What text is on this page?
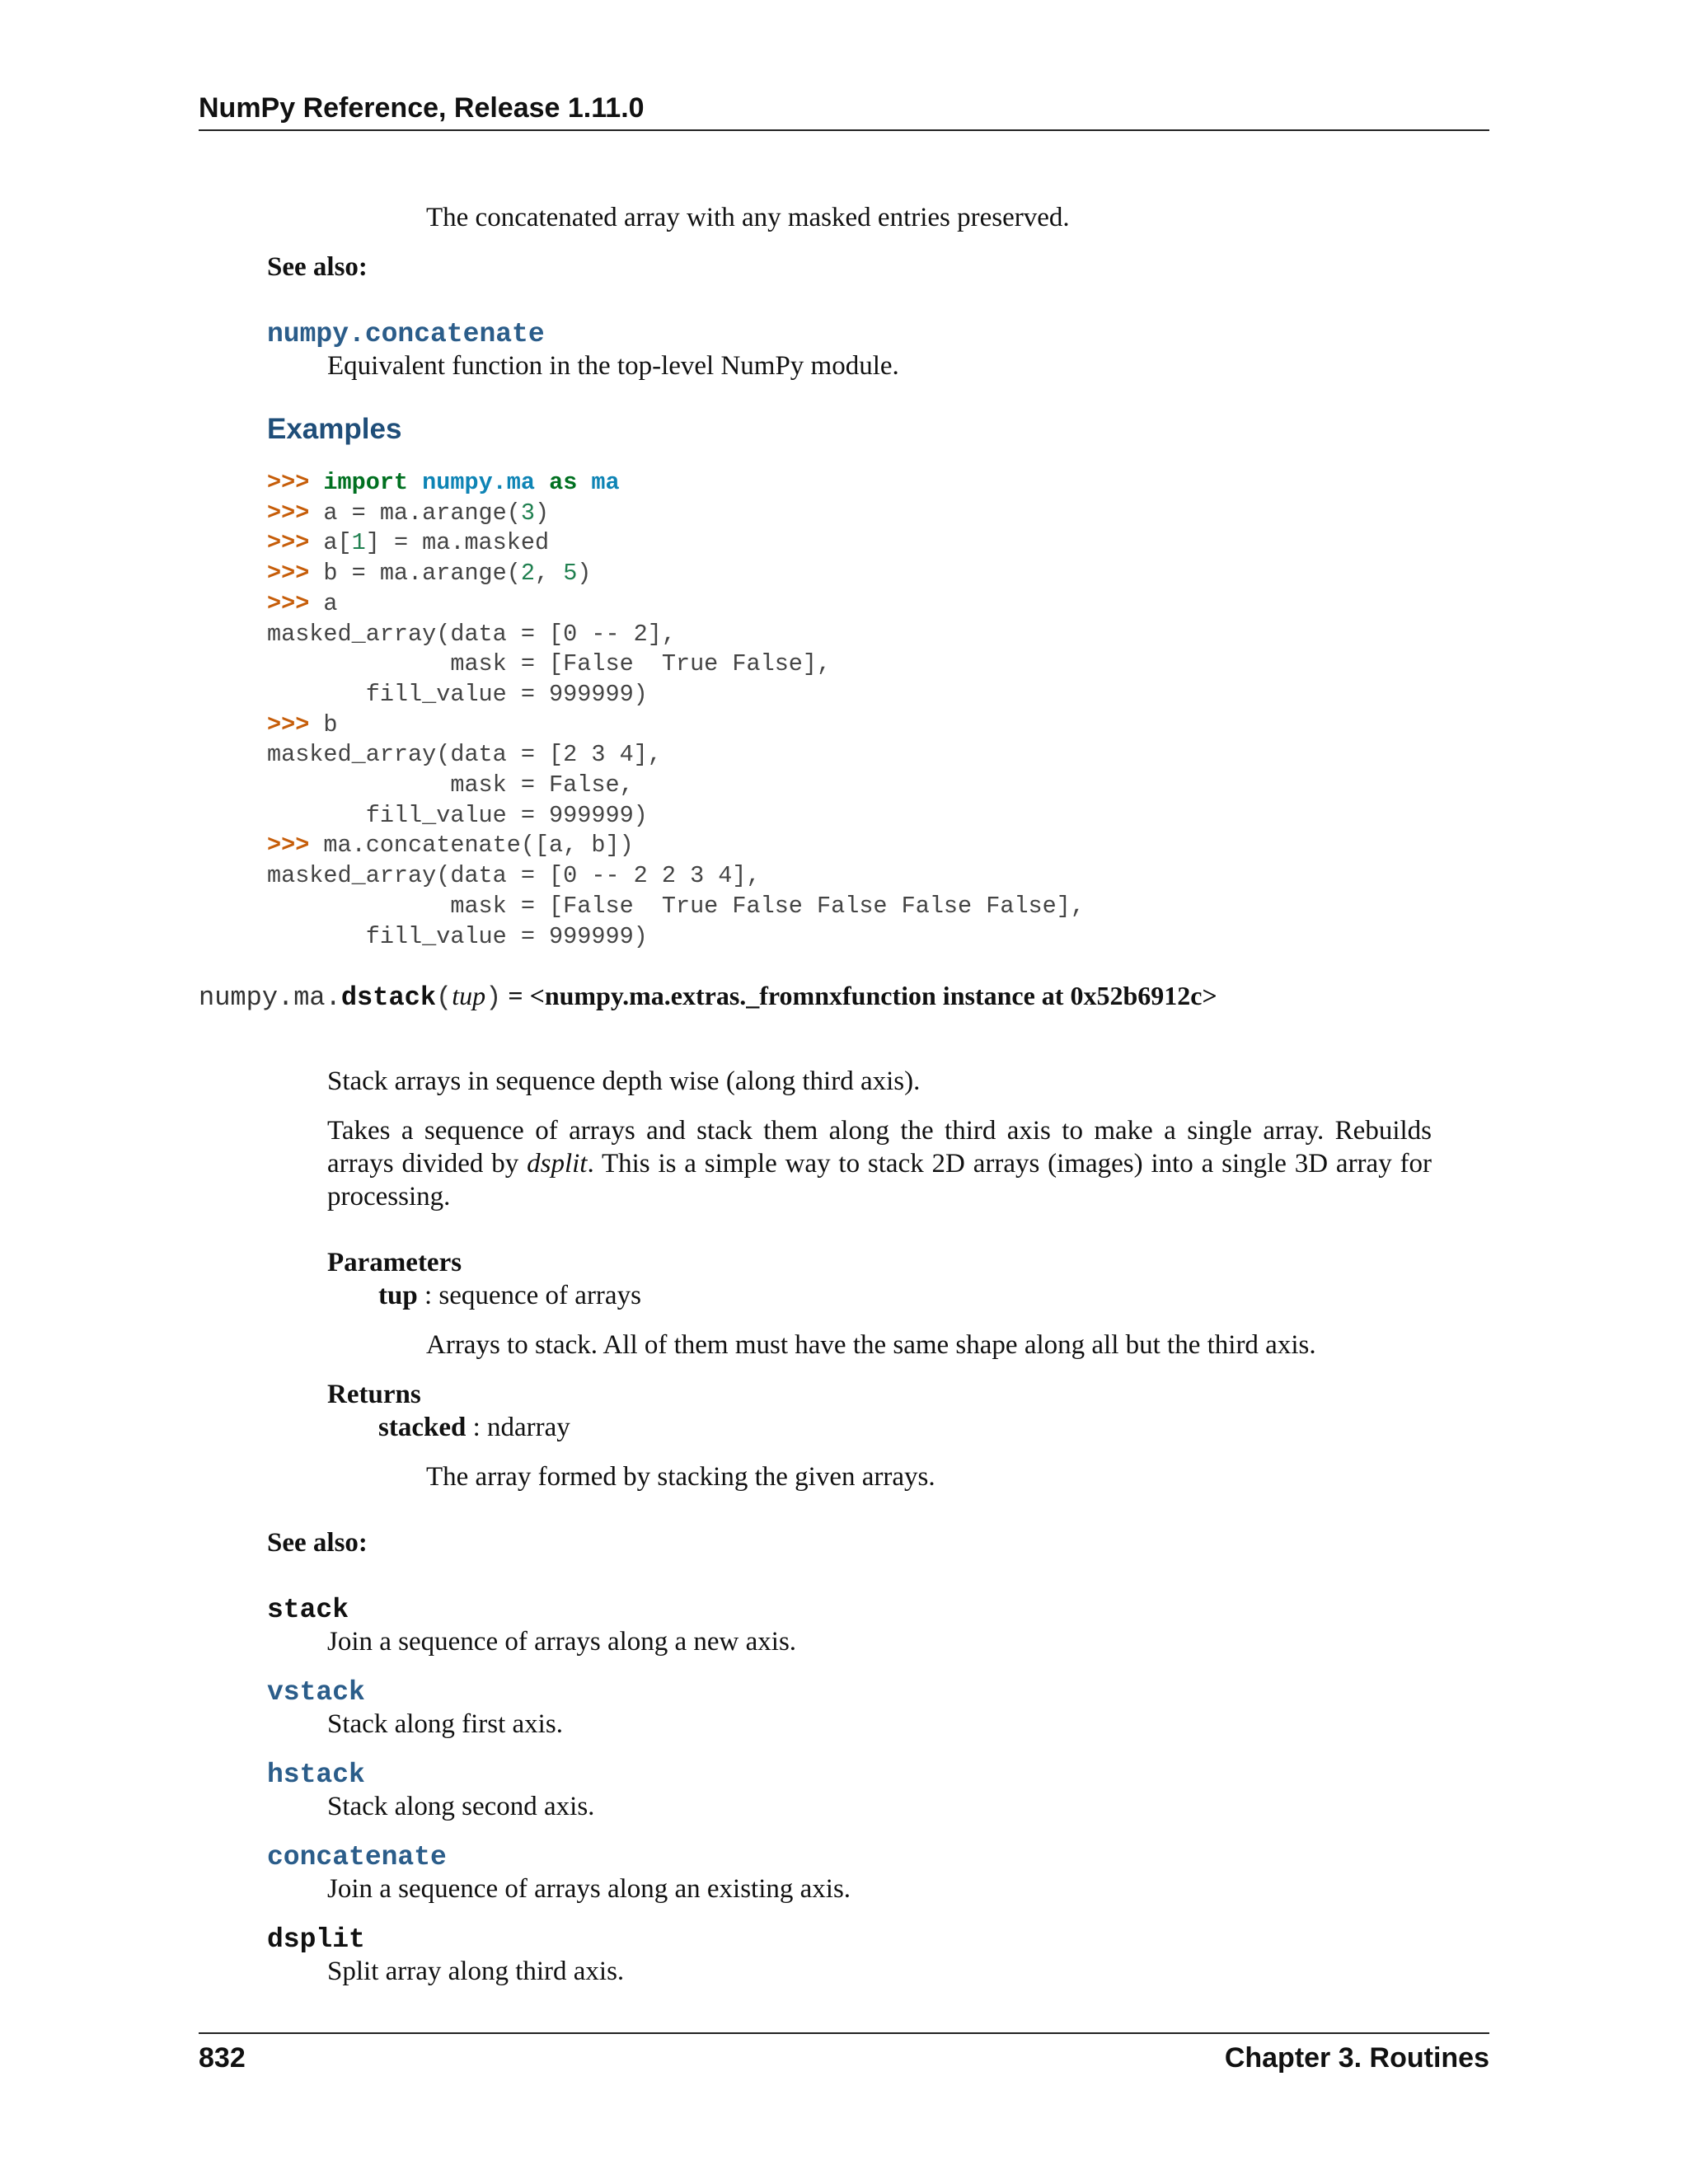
NumPy Reference, Release 1.11.0
The concatenated array with any masked entries preserved.
See also:
numpy.concatenate
Equivalent function in the top-level NumPy module.
Examples
>>> import numpy.ma as ma
>>> a = ma.arange(3)
>>> a[1] = ma.masked
>>> b = ma.arange(2, 5)
>>> a
masked_array(data = [0 -- 2],
mask = [False  True False],
fill_value = 999999)
>>> b
masked_array(data = [2 3 4],
mask = False,
fill_value = 999999)
>>> ma.concatenate([a, b])
masked_array(data = [0 -- 2 2 3 4],
mask = [False  True False False False False],
fill_value = 999999)
numpy.ma.dstack(tup) = <numpy.ma.extras._fromnxfunction instance at 0x52b6912c>
Stack arrays in sequence depth wise (along third axis).
Takes a sequence of arrays and stack them along the third axis to make a single array. Rebuilds arrays divided by dsplit. This is a simple way to stack 2D arrays (images) into a single 3D array for processing.
Parameters
tup : sequence of arrays
Arrays to stack. All of them must have the same shape along all but the third axis.
Returns
stacked : ndarray
The array formed by stacking the given arrays.
See also:
stack
Join a sequence of arrays along a new axis.
vstack
Stack along first axis.
hstack
Stack along second axis.
concatenate
Join a sequence of arrays along an existing axis.
dsplit
Split array along third axis.
832	Chapter 3. Routines
